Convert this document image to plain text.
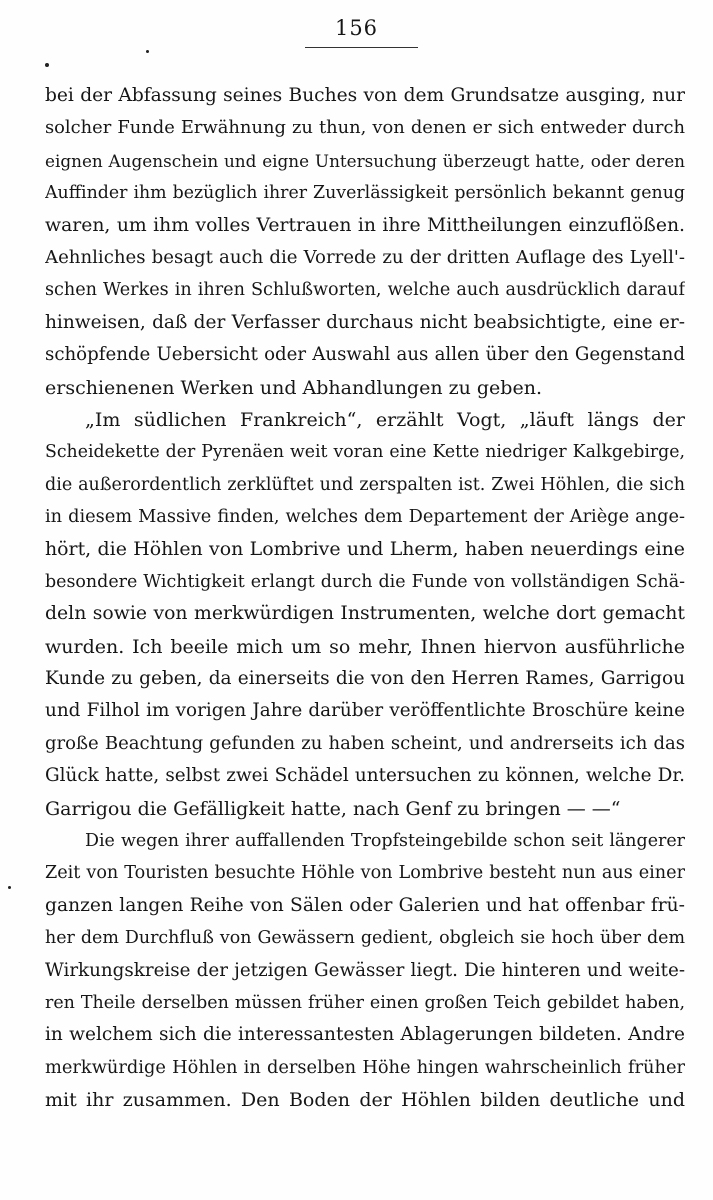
156
bei der Abfassung seines Buches von dem Grundsatze ausging, nur
solcher Funde Erwähnung zu thun, von denen er sich entweder durch
eignen Augenschein und eigne Untersuchung überzeugt hatte, oder deren
Auffinder ihm bezüglich ihrer Zuverlässigkeit persönlich bekannt genug
waren, um ihm volles Vertrauen in ihre Mittheilungen einzuflößen.
Aehnliches besagt auch die Vorrede zu der dritten Auflage des Lyell'-
schen Werkes in ihren Schlußworten, welche auch ausdrücklich darauf
hinweisen, daß der Verfasser durchaus nicht beabsichtigte, eine er-
schöpfende Uebersicht oder Auswahl aus allen über den Gegenstand
erschienenen Werken und Abhandlungen zu geben.
„Im südlichen Frankreich“, erzählt Vogt, „läuft längs der
Scheidekette der Pyrenäen weit voran eine Kette niedriger Kalkgebirge,
die außerordentlich zerklüftet und zerspalten ist. Zwei Höhlen, die sich
in diesem Massive finden, welches dem Departement der Ariège ange-
hört, die Höhlen von Lombrive und Lherm, haben neuerdings eine
besondere Wichtigkeit erlangt durch die Funde von vollständigen Schä-
deln sowie von merkwürdigen Instrumenten, welche dort gemacht
wurden. Ich beeile mich um so mehr, Ihnen hiervon ausführliche
Kunde zu geben, da einerseits die von den Herren Rames, Garrigou
und Filhol im vorigen Jahre darüber veröffentlichte Broschüre keine
große Beachtung gefunden zu haben scheint, und andrerseits ich das
Glück hatte, selbst zwei Schädel untersuchen zu können, welche Dr.
Garrigou die Gefälligkeit hatte, nach Genf zu bringen — —“
Die wegen ihrer auffallenden Tropfsteingebilde schon seit längerer
Zeit von Touristen besuchte Höhle von Lombrive besteht nun aus einer
ganzen langen Reihe von Sälen oder Galerien und hat offenbar frü-
her dem Durchfluß von Gewässern gedient, obgleich sie hoch über dem
Wirkungskreise der jetzigen Gewässer liegt. Die hinteren und weite-
ren Theile derselben müssen früher einen großen Teich gebildet haben,
in welchem sich die interessantesten Ablagerungen bildeten. Andre
merkwürdige Höhlen in derselben Höhe hingen wahrscheinlich früher
mit ihr zusammen. Den Boden der Höhlen bilden deutliche und
